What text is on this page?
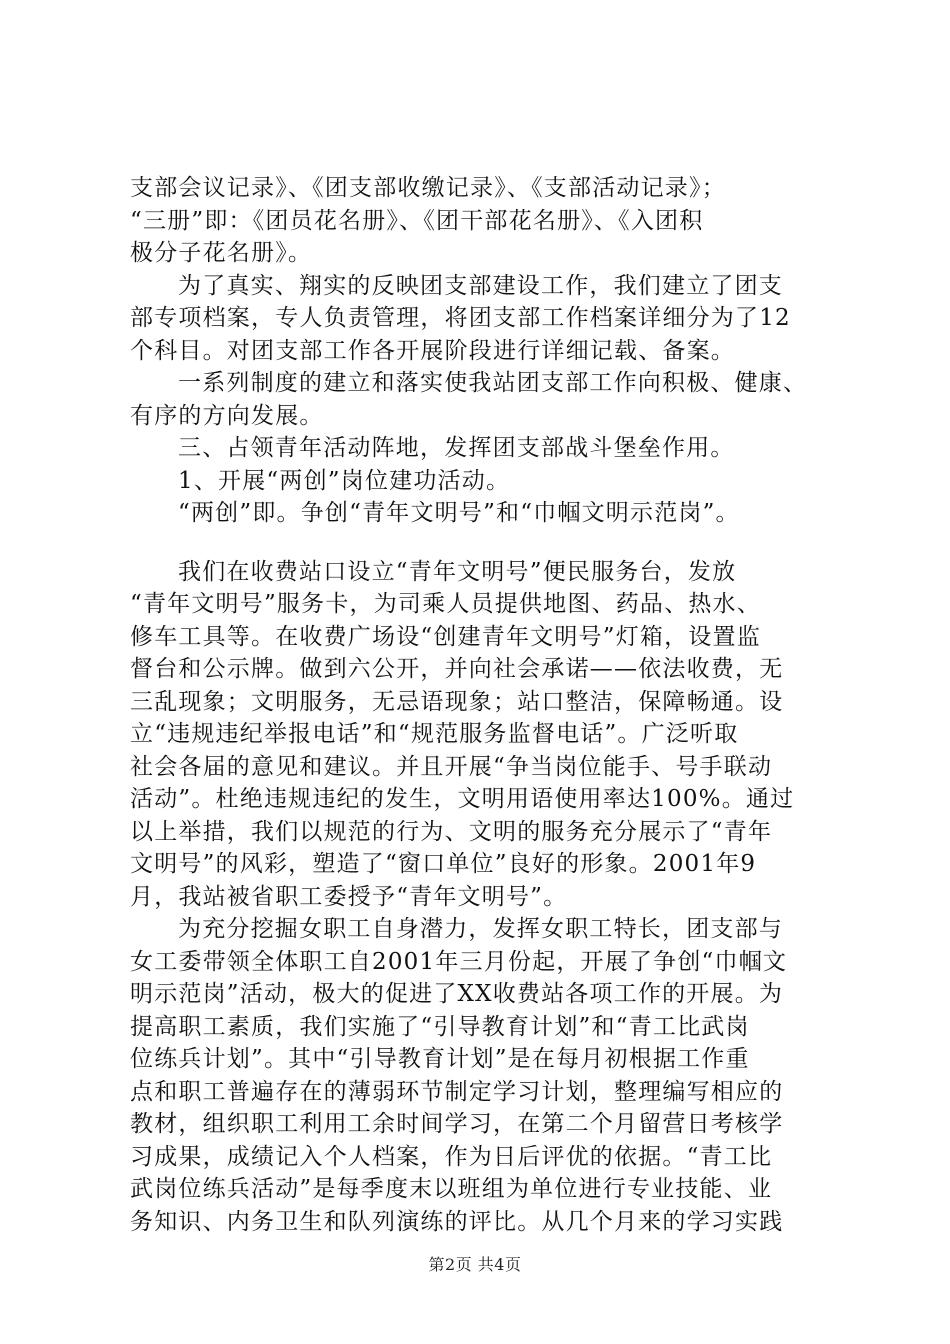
支部会议记录》、《团支部收缴记录》、《支部活动记录》；
“三册”即：《团员花名册》、《团干部花名册》、《入团积
极分子花名册》。
为了真实、翔实的反映团支部建设工作，我们建立了团支
部专项档案，专人负责管理，将团支部工作档案详细分为了12
个科目。对团支部工作各开展阶段进行详细记载、备案。
一系列制度的建立和落实使我站团支部工作向积极、健康、
有序的方向发展。
三、占领青年活动阵地，发挥团支部战斗堡垒作用。
1、开展“两创”岗位建功活动。
“两创”即。争创“青年文明号”和“巾帼文明示范岗”。
我们在收费站口设立“青年文明号”便民服务台，发放
“青年文明号”服务卡，为司乘人员提供地图、药品、热水、
修车工具等。在收费广场设“创建青年文明号”灯箱，设置监
督台和公示牌。做到六公开，并向社会承诺——依法收费，无
三乱现象；文明服务，无忌语现象；站口整洁，保障畅通。设
立“违规违纪举报电话”和“规范服务监督电话”。广泛听取
社会各届的意见和建议。并且开展“争当岗位能手、号手联动
活动”。杜绝违规违纪的发生，文明用语使用率达100%。通过
以上举措，我们以规范的行为、文明的服务充分展示了“青年
文明号”的风彩，塑造了“窗口单位”良好的形象。2001年9
月，我站被省职工委授予“青年文明号”。
为充分挖掘女职工自身潜力，发挥女职工特长，团支部与
女工委带领全体职工自2001年三月份起，开展了争创“巾帼文
明示范岗”活动，极大的促进了XX收费站各项工作的开展。为
提高职工素质，我们实施了“引导教育计划”和“青工比武岗
位练兵计划”。其中“引导教育计划”是在每月初根据工作重
点和职工普遍存在的薄弱环节制定学习计划，整理编写相应的
教材，组织职工利用工余时间学习，在第二个月留营日考核学
习成果，成绩记入个人档案，作为日后评优的依据。“青工比
武岗位练兵活动”是每季度末以班组为单位进行专业技能、业
务知识、内务卫生和队列演练的评比。从几个月来的学习实践
第2页 共4页
